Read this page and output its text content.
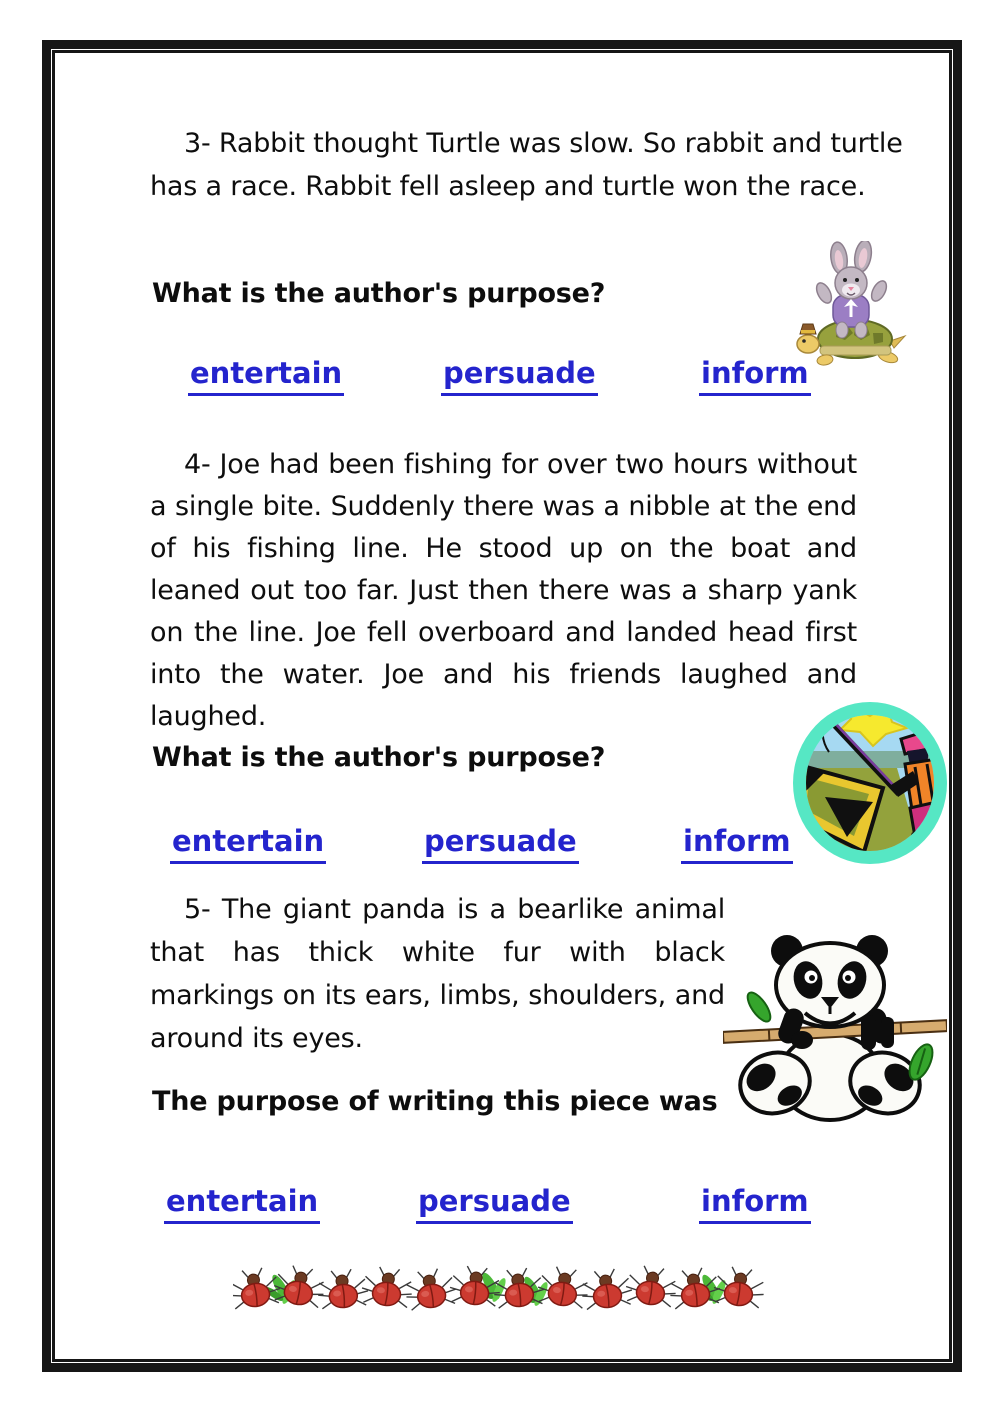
3- Rabbit thought Turtle was slow. So rabbit and turtle has a race. Rabbit fell asleep and turtle won the race.
What is the author's purpose?
entertain	persuade	inform
4- Joe had been fishing for over two hours without a single bite. Suddenly there was a nibble at the end of his fishing line. He stood up on the boat and leaned out too far. Just then there was a sharp yank on the line. Joe fell overboard and landed head first into the water. Joe and his friends laughed and laughed.
What is the author's purpose?
entertain	persuade	inform
5- The giant panda is a bearlike animal that has thick white fur with black markings on its ears, limbs, shoulders, and around its eyes.
The purpose of writing this piece was
entertain	persuade	inform
